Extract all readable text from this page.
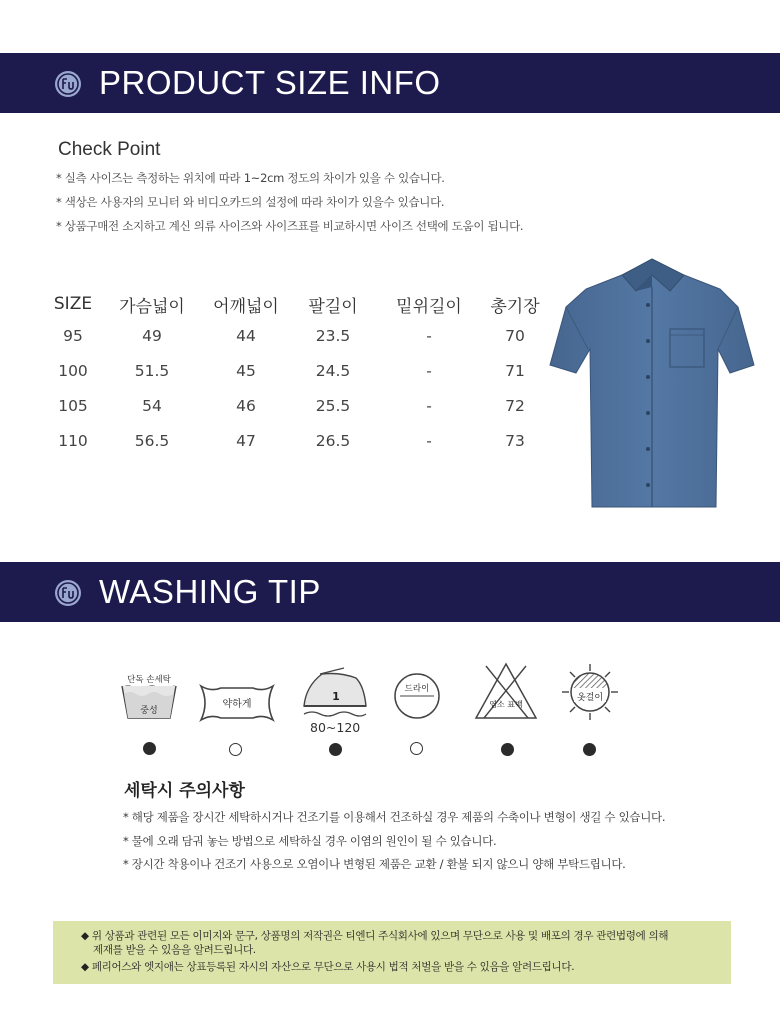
PRODUCT SIZE INFO
Check Point
* 실측 사이즈는 측정하는 위치에 따라 1~2cm 정도의 차이가 있을 수 있습니다.
* 색상은 사용자의 모니터 와 비디오카드의 설정에 따라 차이가 있을수 있습니다.
* 상품구매전 소지하고 계신 의류 사이즈와 사이즈표를 비교하시면 사이즈 선택에 도움이 됩니다.
SIZE	가슴넓이	어깨넓이	팔길이	밑위길이	총기장
95	49	44	23.5	-	70
100	51.5	45	24.5	-	71
105	54	46	25.5	-	72
110	56.5	47	26.5	-	73
WASHING TIP
단독 손세탁
중성
약하게
1
80~120
드라이
염소 표백
옷걸이
세탁시 주의사항
* 해당 제품을 장시간 세탁하시거나 건조기를 이용해서 건조하실 경우 제품의 수축이나 변형이 생길 수 있습니다.
* 물에 오래 담궈 놓는 방법으로 세탁하실 경우 이염의 원인이 될 수 있습니다.
* 장시간 착용이나 건조기 사용으로 오염이나 변형된 제품은 교환 / 환불 되지 않으니 양해 부탁드립니다.
◆ 위 상품과 관련된 모든 이미지와 문구, 상품명의 저작권은 티엔디 주식회사에 있으며 무단으로 사용 및 배포의 경우 관련법령에 의해
제재를 받을 수 있음을 알려드립니다.
◆ 페리어스와 엣지애는 상표등록된 자시의 자산으로 무단으로 사용시 법적 처벌을 받을 수 있음을 알려드립니다.
